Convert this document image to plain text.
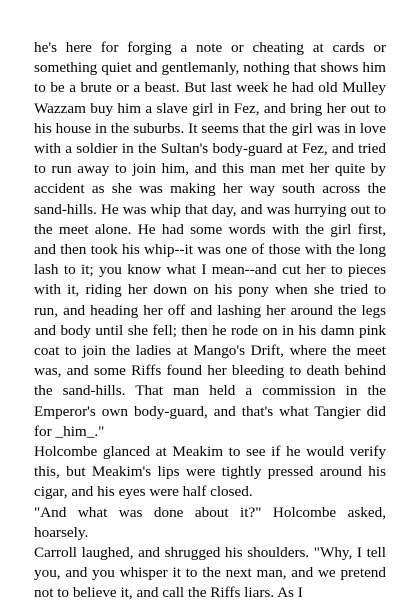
he's here for forging a note or cheating at cards or something quiet and gentlemanly, nothing that shows him to be a brute or a beast. But last week he had old Mulley Wazzam buy him a slave girl in Fez, and bring her out to his house in the suburbs. It seems that the girl was in love with a soldier in the Sultan's body-guard at Fez, and tried to run away to join him, and this man met her quite by accident as she was making her way south across the sand-hills. He was whip that day, and was hurrying out to the meet alone. He had some words with the girl first, and then took his whip--it was one of those with the long lash to it; you know what I mean--and cut her to pieces with it, riding her down on his pony when she tried to run, and heading her off and lashing her around the legs and body until she fell; then he rode on in his damn pink coat to join the ladies at Mango's Drift, where the meet was, and some Riffs found her bleeding to death behind the sand-hills. That man held a commission in the Emperor's own body-guard, and that's what Tangier did for _him_."

Holcombe glanced at Meakim to see if he would verify this, but Meakim's lips were tightly pressed around his cigar, and his eyes were half closed.

"And what was done about it?" Holcombe asked, hoarsely.

Carroll laughed, and shrugged his shoulders. "Why, I tell you, and you whisper it to the next man, and we pretend not to believe it, and call the Riffs liars. As I
